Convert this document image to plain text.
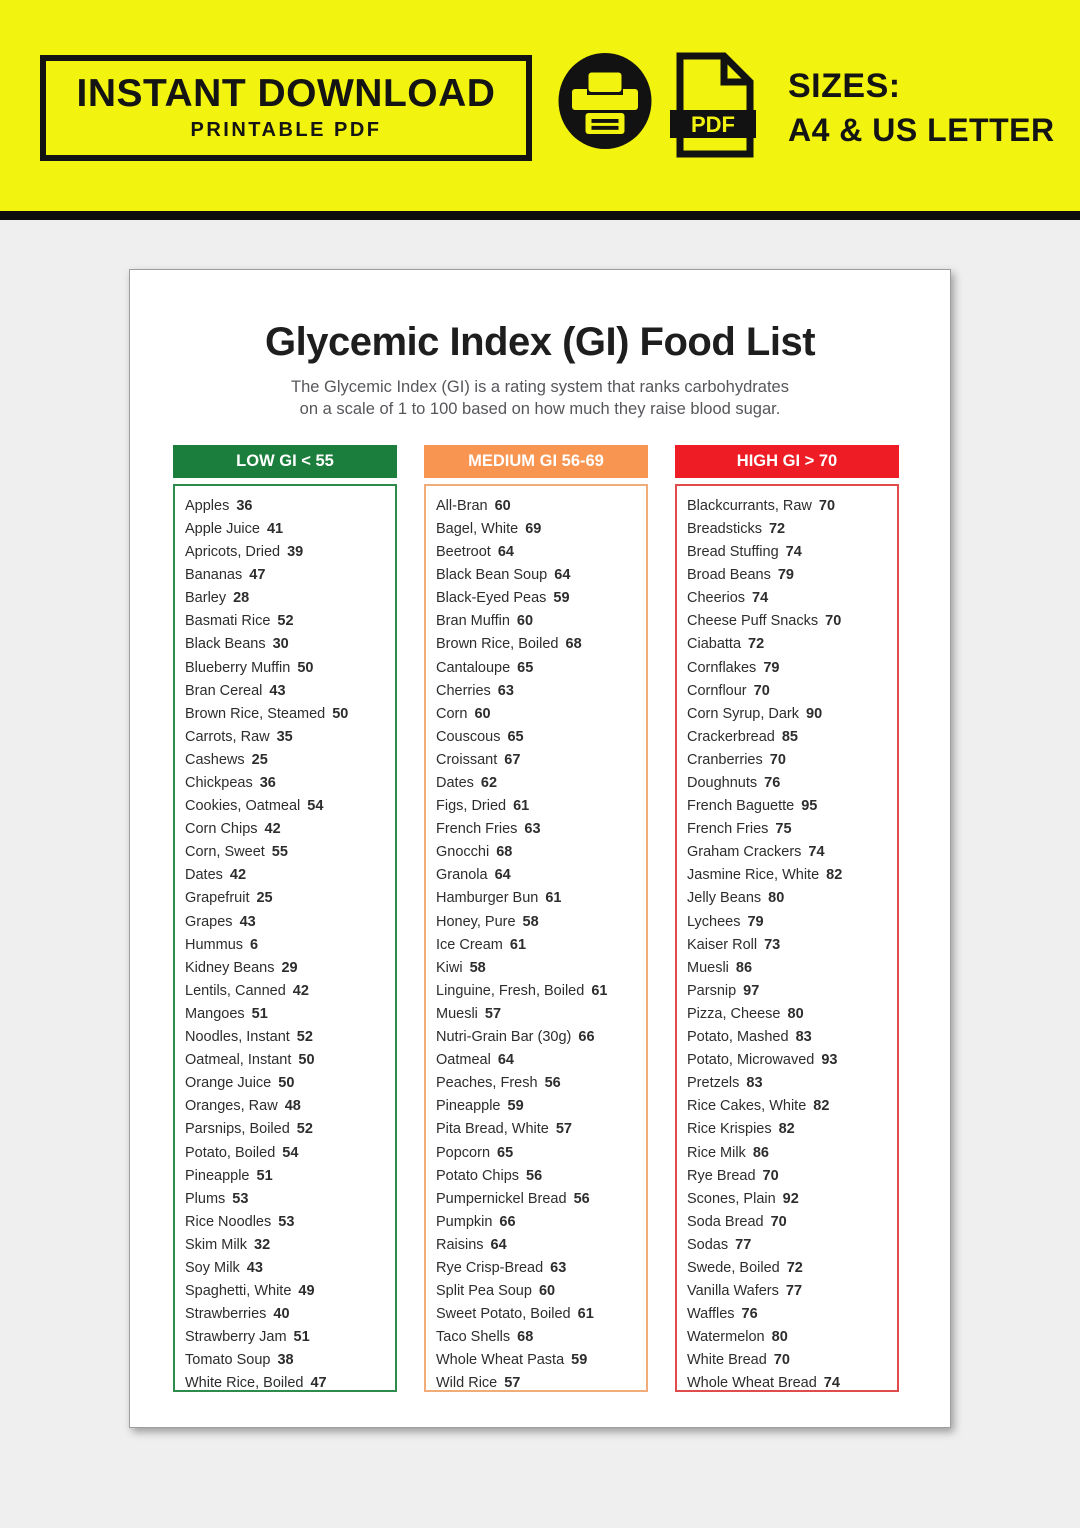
INSTANT DOWNLOAD
PRINTABLE PDF	PDF
SIZES:
A4 & US LETTER
Glycemic Index (GI) Food List

The Glycemic Index (GI) is a rating system that ranks carbohydrates
on a scale of 1 to 100 based on how much they raise blood sugar.

LOW GI < 55
Apples 36
Apple Juice 41
Apricots, Dried 39
Bananas 47
Barley 28
Basmati Rice 52
Black Beans 30
Blueberry Muffin 50
Bran Cereal 43
Brown Rice, Steamed 50
Carrots, Raw 35
Cashews 25
Chickpeas 36
Cookies, Oatmeal 54
Corn Chips 42
Corn, Sweet 55
Dates 42
Grapefruit 25
Grapes 43
Hummus 6
Kidney Beans 29
Lentils, Canned 42
Mangoes 51
Noodles, Instant 52
Oatmeal, Instant 50
Orange Juice 50
Oranges, Raw 48
Parsnips, Boiled 52
Potato, Boiled 54
Pineapple 51
Plums 53
Rice Noodles 53
Skim Milk 32
Soy Milk 43
Spaghetti, White 49
Strawberries 40
Strawberry Jam 51
Tomato Soup 38
White Rice, Boiled 47
MEDIUM GI 56-69
All-Bran 60
Bagel, White 69
Beetroot 64
Black Bean Soup 64
Black-Eyed Peas 59
Bran Muffin 60
Brown Rice, Boiled 68
Cantaloupe 65
Cherries 63
Corn 60
Couscous 65
Croissant 67
Dates 62
Figs, Dried 61
French Fries 63
Gnocchi 68
Granola 64
Hamburger Bun 61
Honey, Pure 58
Ice Cream 61
Kiwi 58
Linguine, Fresh, Boiled 61
Muesli 57
Nutri-Grain Bar (30g) 66
Oatmeal 64
Peaches, Fresh 56
Pineapple 59
Pita Bread, White 57
Popcorn 65
Potato Chips 56
Pumpernickel Bread 56
Pumpkin 66
Raisins 64
Rye Crisp-Bread 63
Split Pea Soup 60
Sweet Potato, Boiled 61
Taco Shells 68
Whole Wheat Pasta 59
Wild Rice 57
HIGH GI > 70
Blackcurrants, Raw 70
Breadsticks 72
Bread Stuffing 74
Broad Beans 79
Cheerios 74
Cheese Puff Snacks 70
Ciabatta 72
Cornflakes 79
Cornflour 70
Corn Syrup, Dark 90
Crackerbread 85
Cranberries 70
Doughnuts 76
French Baguette 95
French Fries 75
Graham Crackers 74
Jasmine Rice, White 82
Jelly Beans 80
Lychees 79
Kaiser Roll 73
Muesli 86
Parsnip 97
Pizza, Cheese 80
Potato, Mashed 83
Potato, Microwaved 93
Pretzels 83
Rice Cakes, White 82
Rice Krispies 82
Rice Milk 86
Rye Bread 70
Scones, Plain 92
Soda Bread 70
Sodas 77
Swede, Boiled 72
Vanilla Wafers 77
Waffles 76
Watermelon 80
White Bread 70
Whole Wheat Bread 74
